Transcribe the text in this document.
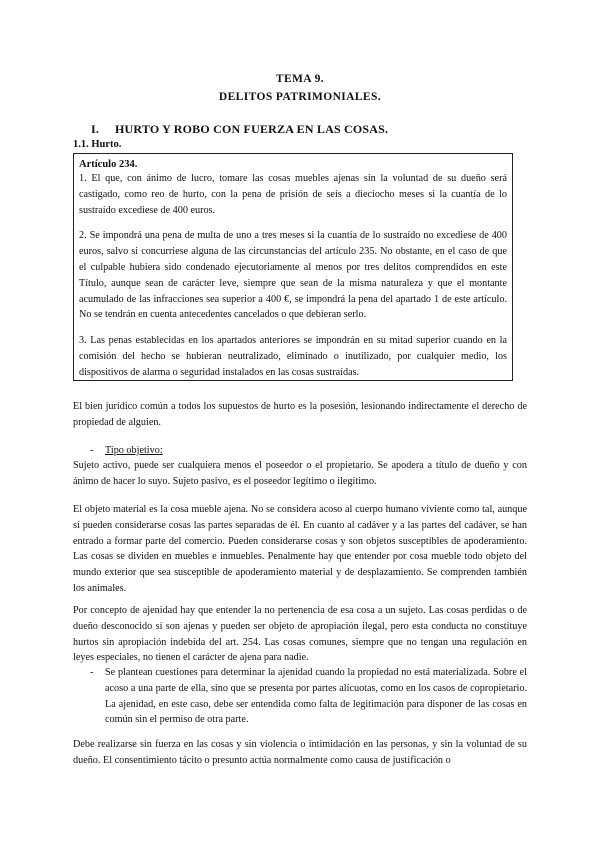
TEMA 9.
DELITOS PATRIMONIALES.
I. HURTO Y ROBO CON FUERZA EN LAS COSAS.
1.1. Hurto.

Artículo 234.

1. El que, con ánimo de lucro, tomare las cosas muebles ajenas sin la voluntad de su dueño será castigado, como reo de hurto, con la pena de prisión de seis a dieciocho meses si la cuantía de lo sustraído excediese de 400 euros.

2. Se impondrá una pena de multa de uno a tres meses si la cuantía de lo sustraído no excediese de 400 euros, salvo si concurriese alguna de las circunstancias del artículo 235. No obstante, en el caso de que el culpable hubiera sido condenado ejecutoriamente al menos por tres delitos comprendidos en este Título, aunque sean de carácter leve, siempre que sean de la misma naturaleza y que el montante acumulado de las infracciones sea superior a 400 €, se impondrá la pena del apartado 1 de este artículo. No se tendrán en cuenta antecedentes cancelados o que debieran serlo.

3. Las penas establecidas en los apartados anteriores se impondrán en su mitad superior cuando en la comisión del hecho se hubieran neutralizado, eliminado o inutilizado, por cualquier medio, los dispositivos de alarma o seguridad instalados en las cosas sustraídas.

El bien jurídico común a todos los supuestos de hurto es la posesión, lesionando indirectamente el derecho de propiedad de alguien.

- Tipo objetivo:

Sujeto activo, puede ser cualquiera menos el poseedor o el propietario. Se apodera a título de dueño y con ánimo de hacer lo suyo. Sujeto pasivo, es el poseedor legítimo o ilegítimo.

El objeto material es la cosa mueble ajena. No se considera acoso al cuerpo humano viviente como tal, aunque sí pueden considerarse cosas las partes separadas de él. En cuanto al cadáver y a las partes del cadáver, se han entrado a formar parte del comercio. Pueden considerarse cosas y son objetos susceptibles de apoderamiento. Las cosas se dividen en muebles e inmuebles. Penalmente hay que entender por cosa mueble todo objeto del mundo exterior que sea susceptible de apoderamiento material y de desplazamiento. Se comprenden también los animales.

Por concepto de ajenidad hay que entender la no pertenencia de esa cosa a un sujeto. Las cosas perdidas o de dueño desconocido sí son ajenas y pueden ser objeto de apropiación ilegal, pero esta conducta no constituye hurtos sin apropiación indebida del art. 254. Las cosas comunes, siempre que no tengan una regulación en leyes especiales, no tienen el carácter de ajena para nadie.

- Se plantean cuestiones para determinar la ajenidad cuando la propiedad no está materializada. Sobre el acoso a una parte de ella, sino que se presenta por partes alícuotas, como en los casos de copropietario. La ajenidad, en este caso, debe ser entendida como falta de legitimación para disponer de las cosas en común sin el permiso de otra parte.

Debe realizarse sin fuerza en las cosas y sin violencia o intimidación en las personas, y sin la voluntad de su dueño. El consentimiento tácito o presunto actúa normalmente como causa de justificación o
